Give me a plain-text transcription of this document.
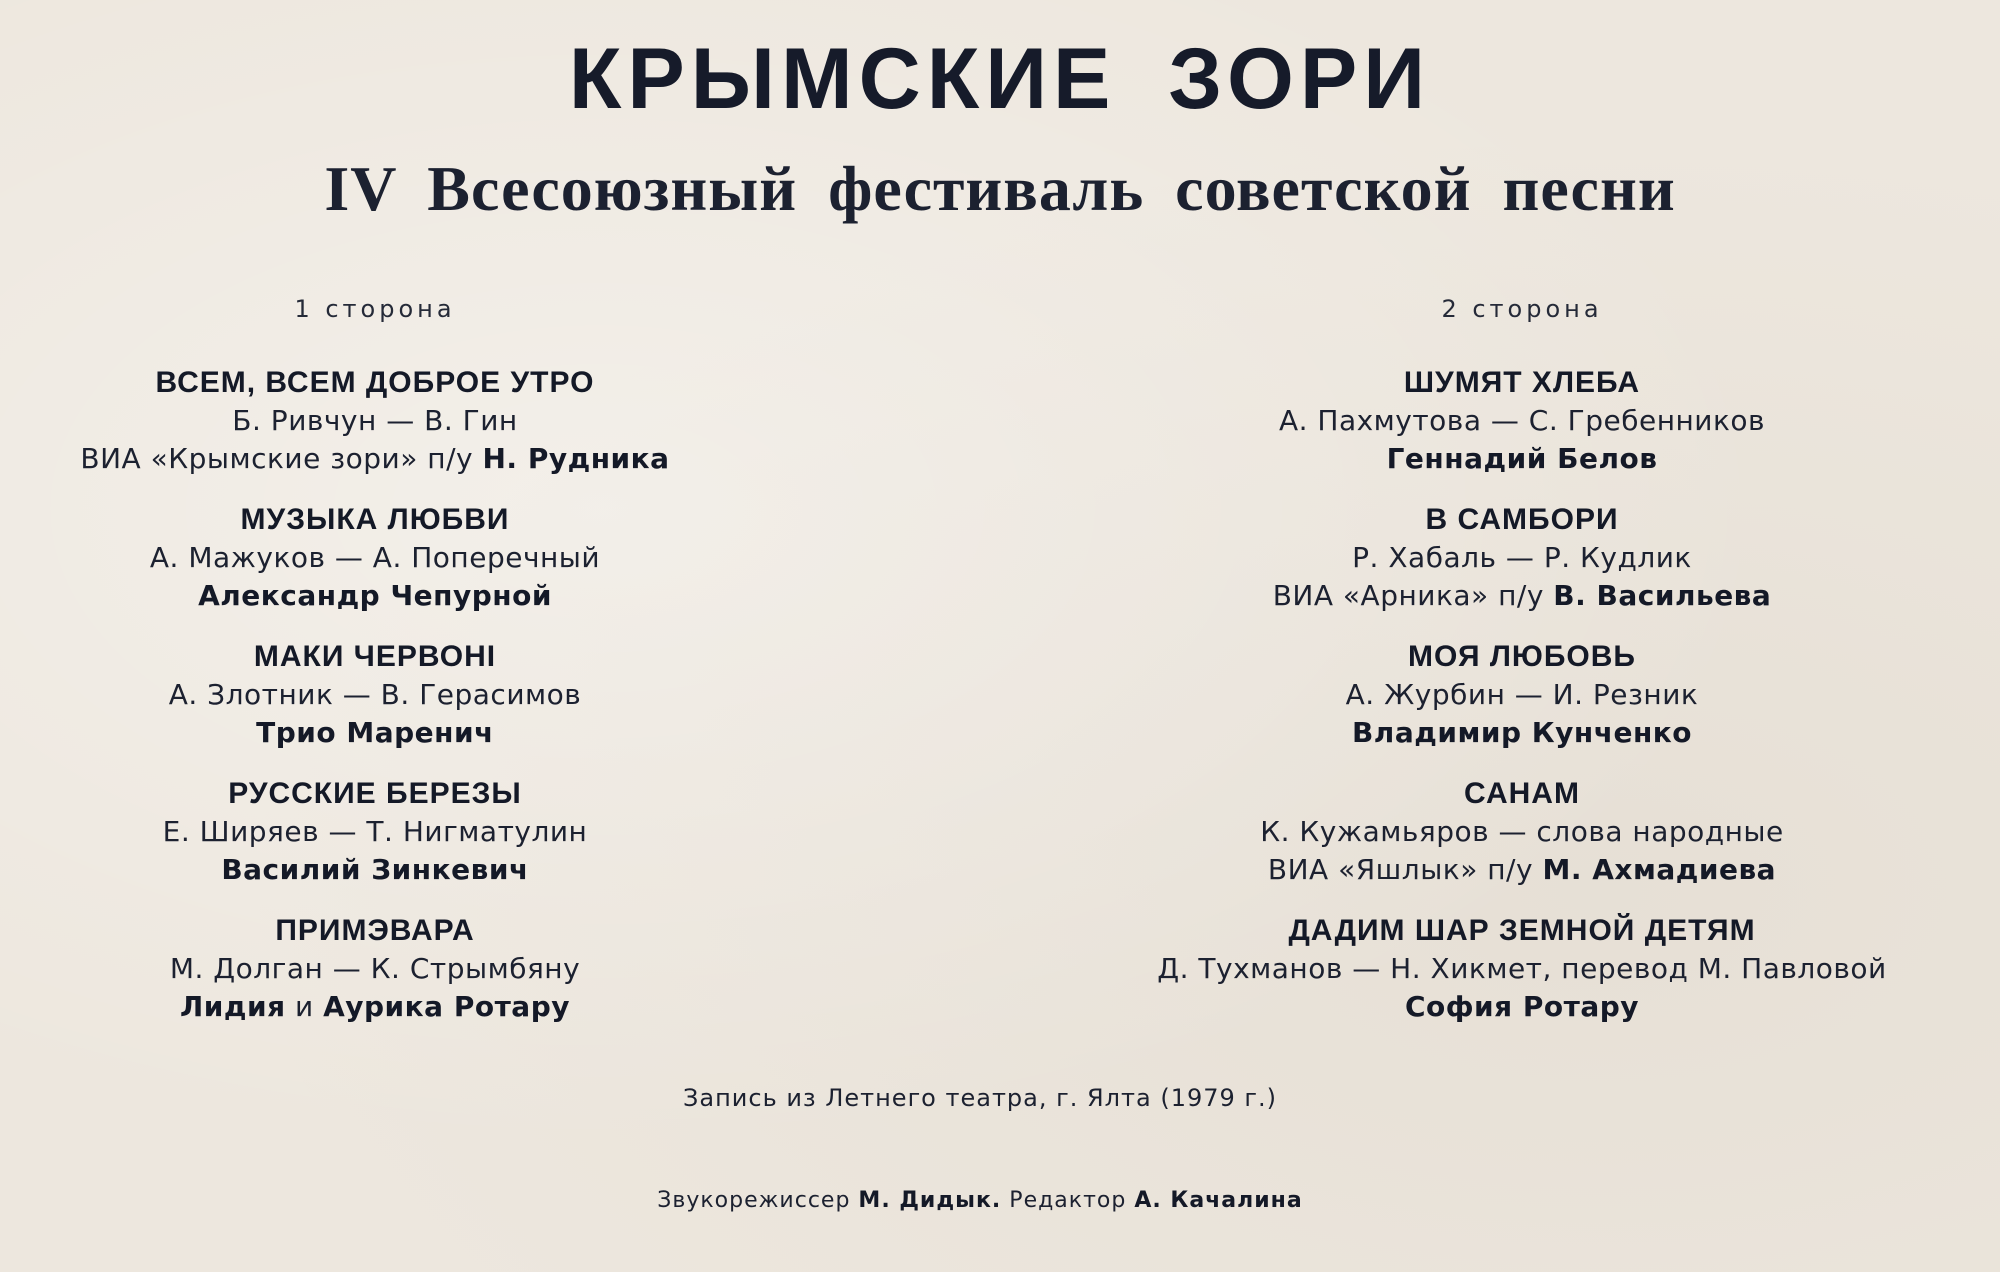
КРЫМСКИЕ ЗОРИ
IV Всесоюзный фестиваль советской песни
1 сторона
ВСЕМ, ВСЕМ ДОБРОЕ УТРО
Б. Ривчун — В. Гин
ВИА «Крымские зори» п/у Н. Рудника
МУЗЫКА ЛЮБВИ
А. Мажуков — А. Поперечный
Александр Чепурной
МАКИ ЧЕРВОНІ
А. Злотник — В. Герасимов
Трио Маренич
РУССКИЕ БЕРЕЗЫ
Е. Ширяев — Т. Нигматулин
Василий Зинкевич
ПРИМЭВАРА
М. Долган — К. Стрымбяну
Лидия и Аурика Ротару
2 сторона
ШУМЯТ ХЛЕБА
А. Пахмутова — С. Гребенников
Геннадий Белов
В САМБОРИ
Р. Хабаль — Р. Кудлик
ВИА «Арника» п/у В. Васильева
МОЯ ЛЮБОВЬ
А. Журбин — И. Резник
Владимир Кунченко
САНАМ
К. Кужамьяров — слова народные
ВИА «Яшлык» п/у М. Ахмадиева
ДАДИМ ШАР ЗЕМНОЙ ДЕТЯМ
Д. Тухманов — Н. Хикмет, перевод М. Павловой
София Ротару
Запись из Летнего театра, г. Ялта (1979 г.)
Звукорежиссер М. Дидык. Редактор А. Качалина
